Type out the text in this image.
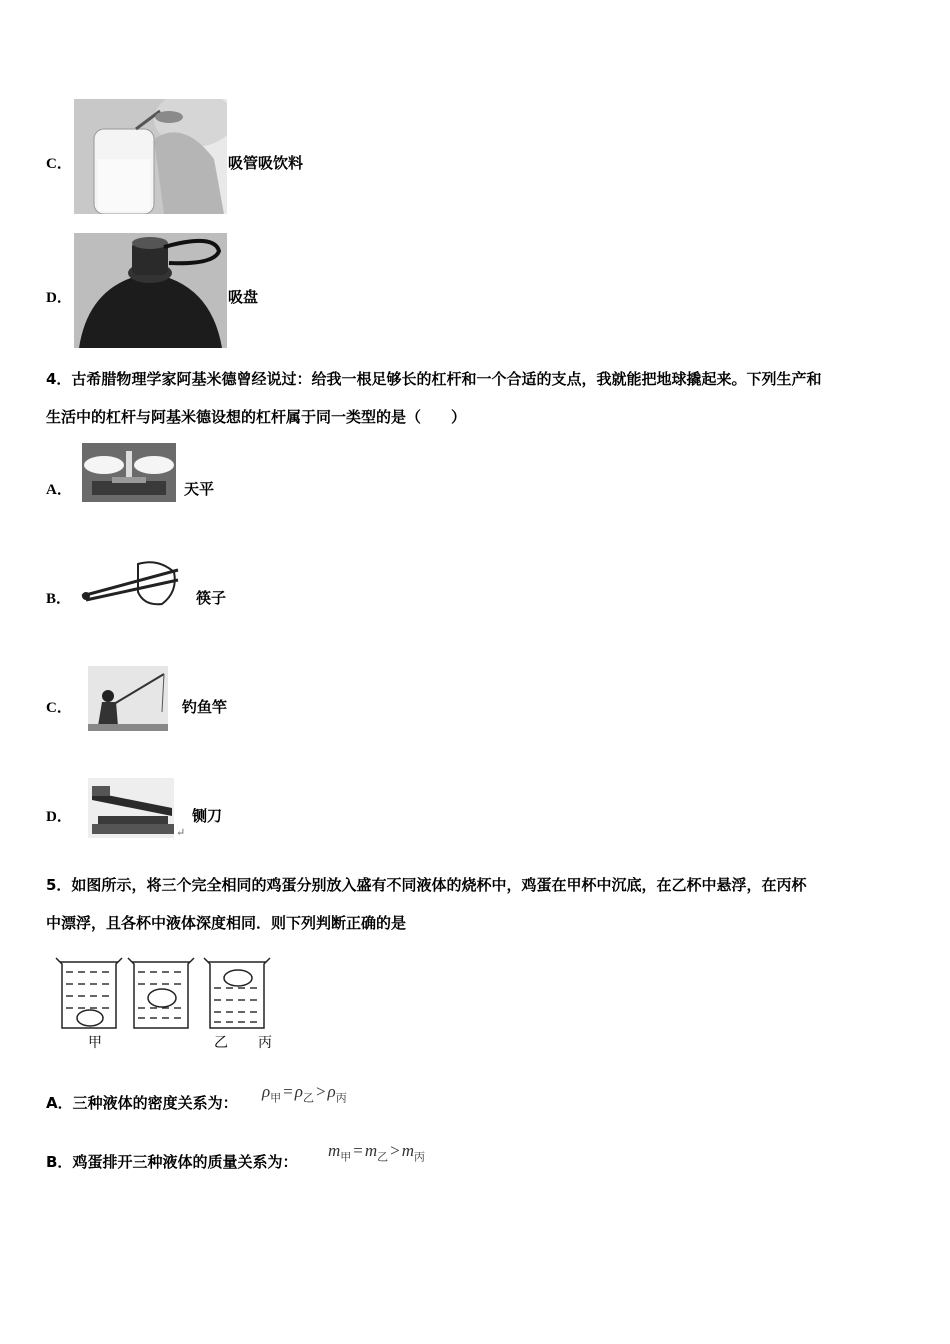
C．	吸管吸饮料
D．	吸盘
4．古希腊物理学家阿基米德曾经说过：给我一根足够长的杠杆和一个合适的支点，我就能把地球撬起来。下列生产和
生活中的杠杆与阿基米德设想的杠杆属于同一类型的是（　　）
A．	天平
B．	筷子
C．	钓鱼竿
D．	铡刀
↵
5．如图所示，将三个完全相同的鸡蛋分别放入盛有不同液体的烧杯中，鸡蛋在甲杯中沉底，在乙杯中悬浮，在丙杯
中漂浮，且各杯中液体深度相同．则下列判断正确的是
甲	乙 丙
A．三种液体的密度关系为：
$\rho_甲 = \rho_乙 > \rho_丙$
B．鸡蛋排开三种液体的质量关系为：
$m_甲 = m_乙 > m_丙$
